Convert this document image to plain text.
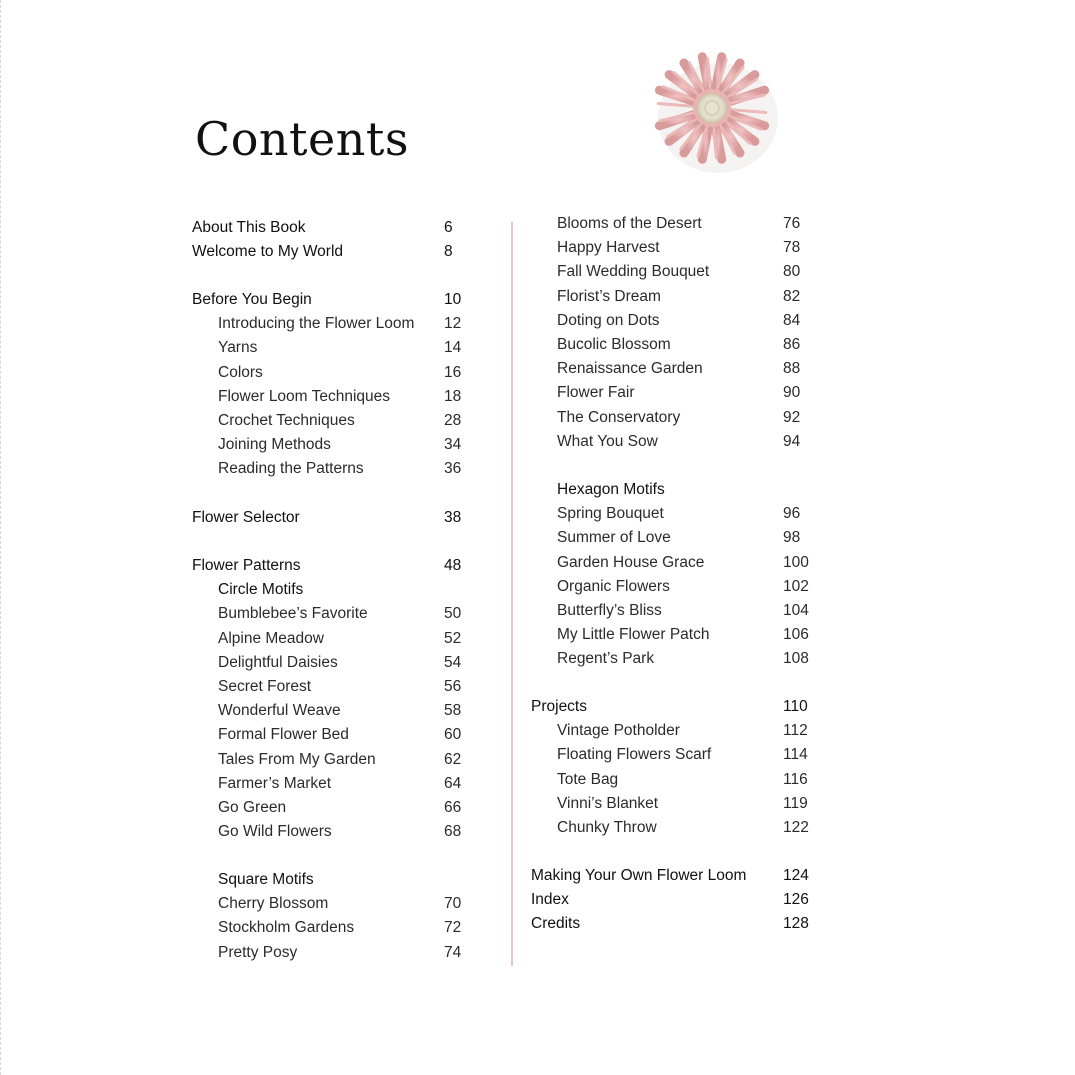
Contents
About This Book	6
Welcome to My World	8
Before You Begin	10
Introducing the Flower Loom 12
Yarns	14
Colors	16
Flower Loom Techniques	18
Crochet Techniques	28
Joining Methods	34
Reading the Patterns	36
Flower Selector	38
Flower Patterns	48
Circle Motifs
Bumblebee’s Favorite	50
Alpine Meadow	52
Delightful Daisies	54
Secret Forest	56
Wonderful Weave	58
Formal Flower Bed	60
Tales From My Garden	62
Farmer’s Market	64
Go Green	66
Go Wild Flowers	68
Square Motifs
Cherry Blossom	70
Stockholm Gardens	72
Pretty Posy	74
Blooms of the Desert	76
Happy Harvest	78
Fall Wedding Bouquet	80
Florist’s Dream	82
Doting on Dots	84
Bucolic Blossom	86
Renaissance Garden	88
Flower Fair	90
The Conservatory	92
What You Sow	94
Hexagon Motifs
Spring Bouquet	96
Summer of Love	98
Garden House Grace	100
Organic Flowers	102
Butterfly’s Bliss	104
My Little Flower Patch	106
Regent’s Park	108
Projects	110
Vintage Potholder	112
Floating Flowers Scarf	114
Tote Bag	116
Vinni’s Blanket	119
Chunky Throw	122
Making Your Own Flower Loom 124
Index	126
Credits	128
